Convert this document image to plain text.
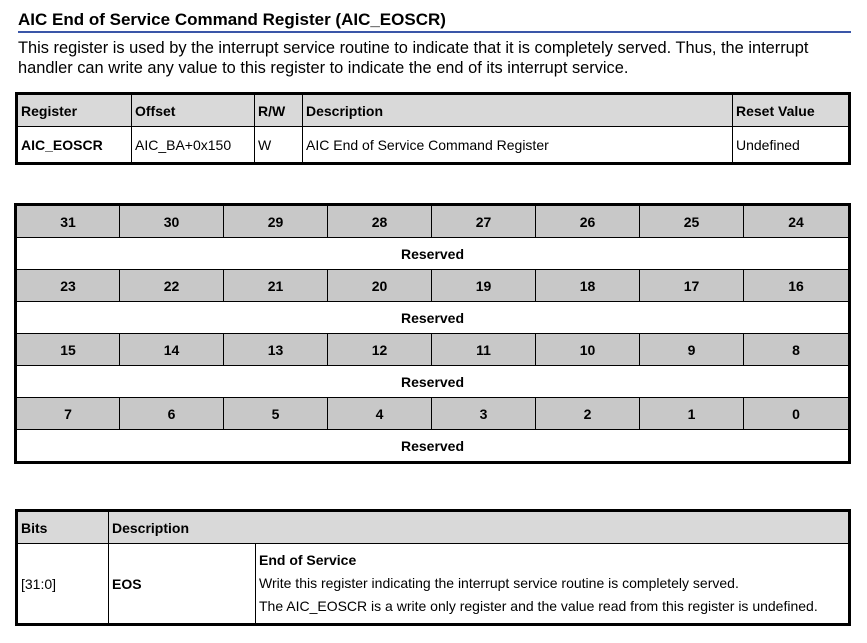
AIC End of Service Command Register (AIC_EOSCR)
This register is used by the interrupt service routine to indicate that it is completely served. Thus, the interrupt handler can write any value to this register to indicate the end of its interrupt service.
Register	Offset	R/W	Description	Reset Value
AIC_EOSCR	AIC_BA+0x150	W	AIC End of Service Command Register	Undefined
31	30	29	28	27	26	25	24
Reserved							
23	22	21	20	19	18	17	16
Reserved							
15	14	13	12	11	10	9	8
Reserved							
7	6	5	4	3	2	1	0
Reserved							
Bits	Description	
[31:0]	EOS	End of Service
Write this register indicating the interrupt service routine is completely served.
The AIC_EOSCR is a write only register and the value read from this register is undefined.
